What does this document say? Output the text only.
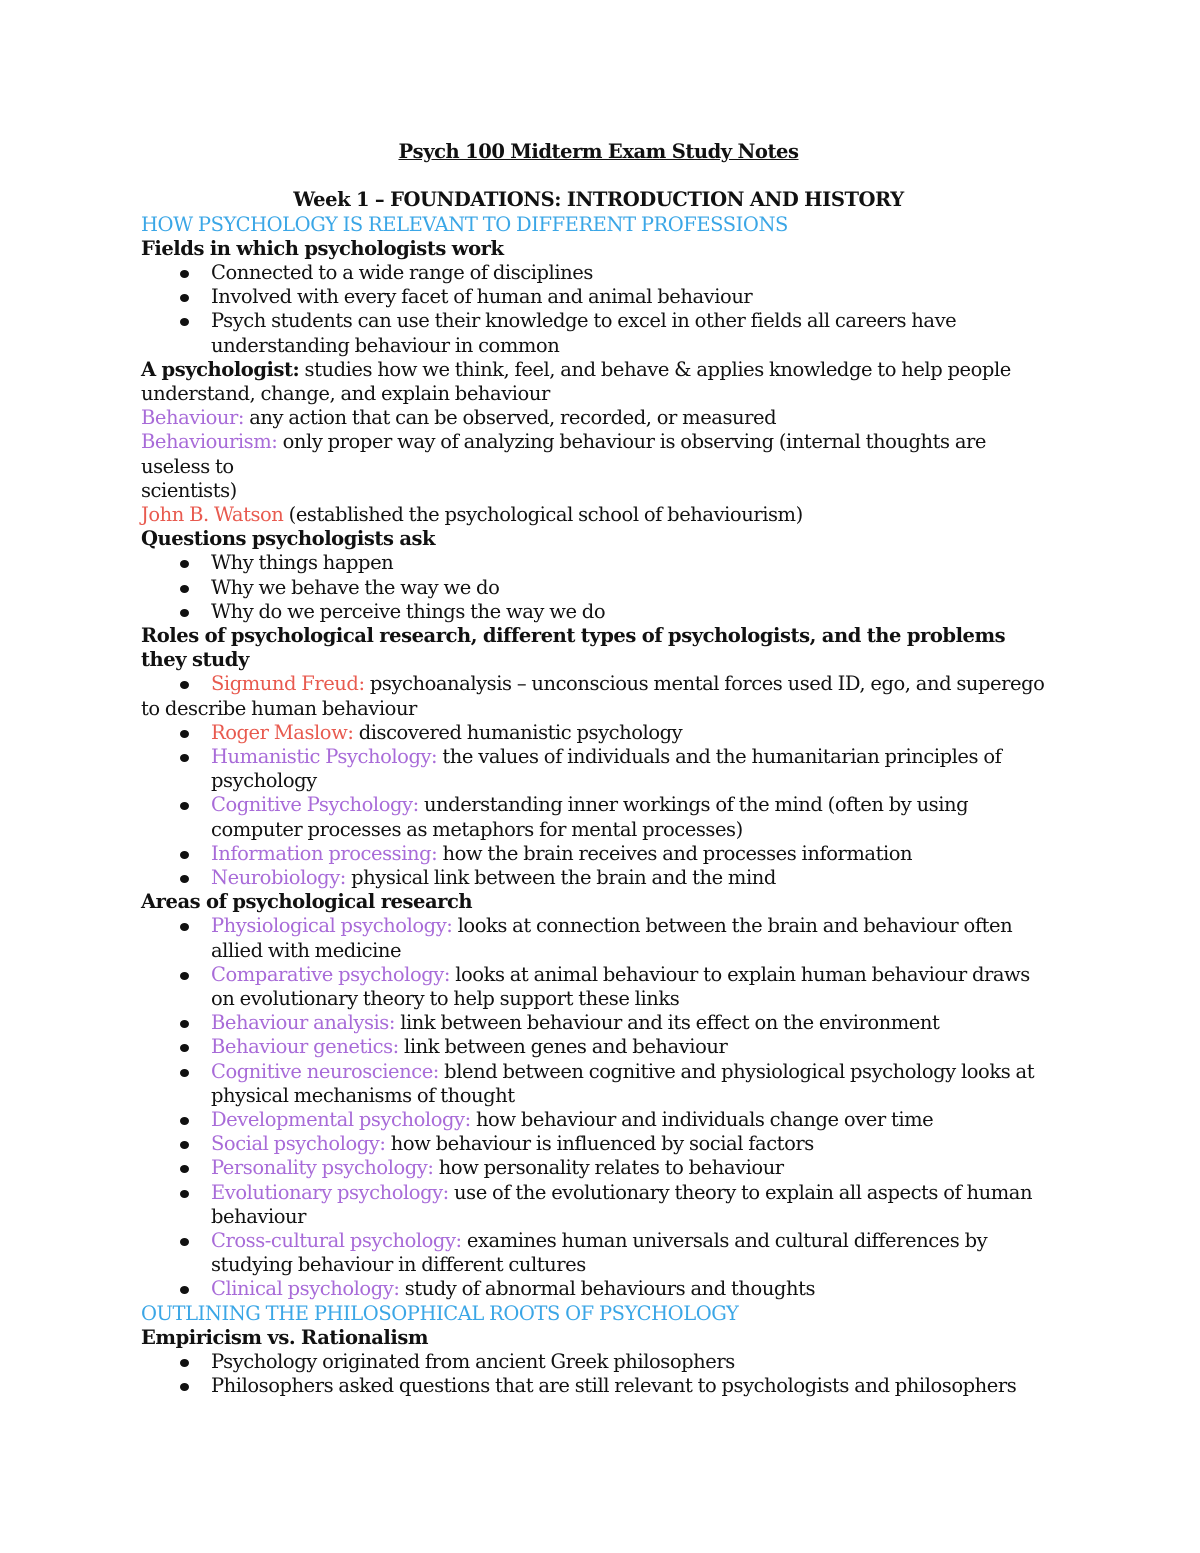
Psych 100 Midterm Exam Study Notes
Week 1 – FOUNDATIONS: INTRODUCTION AND HISTORY
HOW PSYCHOLOGY IS RELEVANT TO DIFFERENT PROFESSIONS
Fields in which psychologists work
Connected to a wide range of disciplines
Involved with every facet of human and animal behaviour
Psych students can use their knowledge to excel in other fields all careers have understanding behaviour in common
A psychologist: studies how we think, feel, and behave & applies knowledge to help people understand, change, and explain behaviour
Behaviour: any action that can be observed, recorded, or measured
Behaviourism: only proper way of analyzing behaviour is observing (internal thoughts are useless to
scientists)
John B. Watson (established the psychological school of behaviourism)
Questions psychologists ask
Why things happen
Why we behave the way we do
Why do we perceive things the way we do
Roles of psychological research, different types of psychologists, and the problems they study
Sigmund Freud: psychoanalysis – unconscious mental forces used ID, ego, and superego to describe human behaviour
Roger Maslow: discovered humanistic psychology
Humanistic Psychology: the values of individuals and the humanitarian principles of psychology
Cognitive Psychology: understanding inner workings of the mind (often by using computer processes as metaphors for mental processes)
Information processing: how the brain receives and processes information
Neurobiology: physical link between the brain and the mind
Areas of psychological research
Physiological psychology: looks at connection between the brain and behaviour often allied with medicine
Comparative psychology: looks at animal behaviour to explain human behaviour draws on evolutionary theory to help support these links
Behaviour analysis: link between behaviour and its effect on the environment
Behaviour genetics: link between genes and behaviour
Cognitive neuroscience: blend between cognitive and physiological psychology looks at physical mechanisms of thought
Developmental psychology: how behaviour and individuals change over time
Social psychology: how behaviour is influenced by social factors
Personality psychology: how personality relates to behaviour
Evolutionary psychology: use of the evolutionary theory to explain all aspects of human behaviour
Cross-cultural psychology: examines human universals and cultural differences by studying behaviour in different cultures
Clinical psychology: study of abnormal behaviours and thoughts
OUTLINING THE PHILOSOPHICAL ROOTS OF PSYCHOLOGY
Empiricism vs. Rationalism
Psychology originated from ancient Greek philosophers
Philosophers asked questions that are still relevant to psychologists and philosophers
